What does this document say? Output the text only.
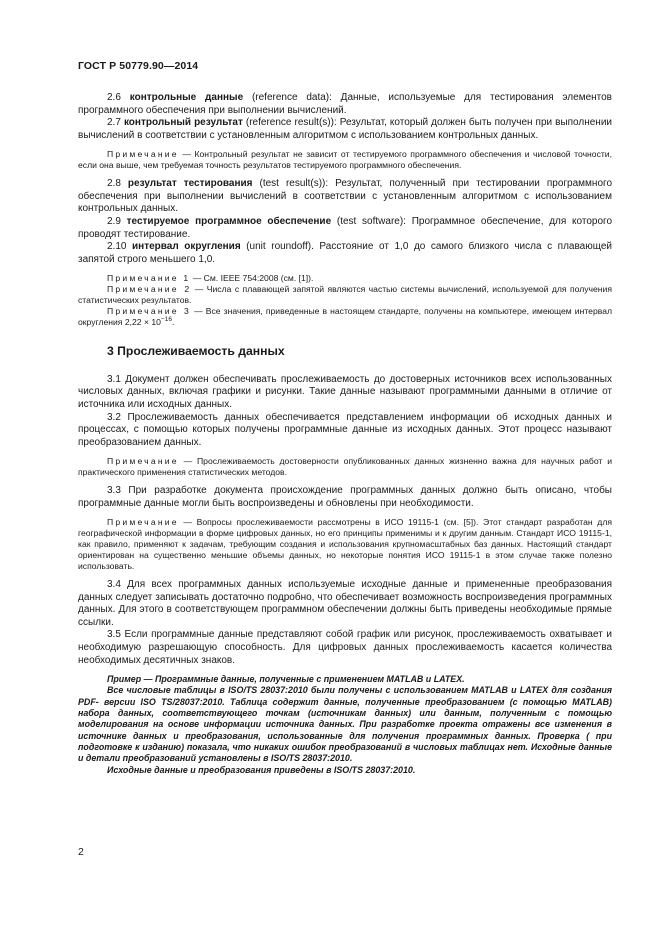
ГОСТ Р 50779.90—2014

2.6 контрольные данные (reference data): Данные, используемые для тестирования элементов программного обеспечения при выполнении вычислений.

2.7 контрольный результат (reference result(s)): Результат, который должен быть получен при выполнении вычислений в соответствии с установленным алгоритмом с использованием контрольных данных.

Примечание — Контрольный результат не зависит от тестируемого программного обеспечения и числовой точности, если она выше, чем требуемая точность результатов тестируемого программного обеспечения.

2.8 результат тестирования (test result(s)): Результат, полученный при тестировании программного обеспечения при выполнении вычислений в соответствии с установленным алгоритмом с использованием контрольных данных.

2.9 тестируемое программное обеспечение (test software): Программное обеспечение, для которого проводят тестирование.

2.10 интервал округления (unit roundoff). Расстояние от 1,0 до самого близкого числа с плавающей запятой строго меньшего 1,0.

Примечание 1 — См. IEEE 754:2008 (см. [1]).

Примечание 2 — Числа с плавающей запятой являются частью системы вычислений, используемой для получения статистических результатов.

Примечание 3 — Все значения, приведенные в настоящем стандарте, получены на компьютере, имеющем интервал округления $2,22 \times 10^{-16}$.

3 Прослеживаемость данных

3.1 Документ должен обеспечивать прослеживаемость до достоверных источников всех использованных числовых данных, включая графики и рисунки. Такие данные называют программными данными в отличие от источника или исходных данных.

3.2 Прослеживаемость данных обеспечивается представлением информации об исходных данных и процессах, с помощью которых получены программные данные из исходных данных. Этот процесс называют преобразованием данных.

Примечание — Прослеживаемость достоверности опубликованных данных жизненно важна для научных работ и практического применения статистических методов.

3.3 При разработке документа происхождение программных данных должно быть описано, чтобы программные данные могли быть воспроизведены и обновлены при необходимости.

Примечание — Вопросы прослеживаемости рассмотрены в ИСО 19115-1 (см. [5]). Этот стандарт разработан для географической информации в форме цифровых данных, но его принципы применимы и к другим данным. Стандарт ИСО 19115-1, как правило, применяют к задачам, требующим создания и использования крупномасштабных баз данных. Настоящий стандарт ориентирован на существенно меньшие объемы данных, но некоторые понятия ИСО 19115-1 в этом случае также полезно использовать.

3.4 Для всех программных данных используемые исходные данные и примененные преобразования данных следует записывать достаточно подробно, что обеспечивает возможность воспроизведения программных данных. Для этого в соответствующем программном обеспечении должны быть приведены необходимые прямые ссылки.

3.5 Если программные данные представляют собой график или рисунок, прослеживаемость охватывает и необходимую разрешающую способность. Для цифровых данных прослеживаемость касается количества необходимых десятичных знаков.

Пример — Программные данные, полученные с применением MATLAB и LATEX.

Все числовые таблицы в ISO/TS 28037:2010 были получены с использованием MATLAB и LATEX для создания PDF- версии ISO TS/28037:2010. Таблица содержит данные, полученные преобразованием (с помощью MATLAB) набора данных, соответствующего точкам (источникам данных) или данным, полученным с помощью моделирования на основе информации источника данных. При разработке проекта отражены все изменения в источнике данных и преобразования, использованные для получения программных данных. Проверка ( при подготовке к изданию) показала, что никаких ошибок преобразований в числовых таблицах нет. Исходные данные и детали преобразований установлены в ISO/TS 28037:2010.

Исходные данные и преобразования приведены в ISO/TS 28037:2010.

2
